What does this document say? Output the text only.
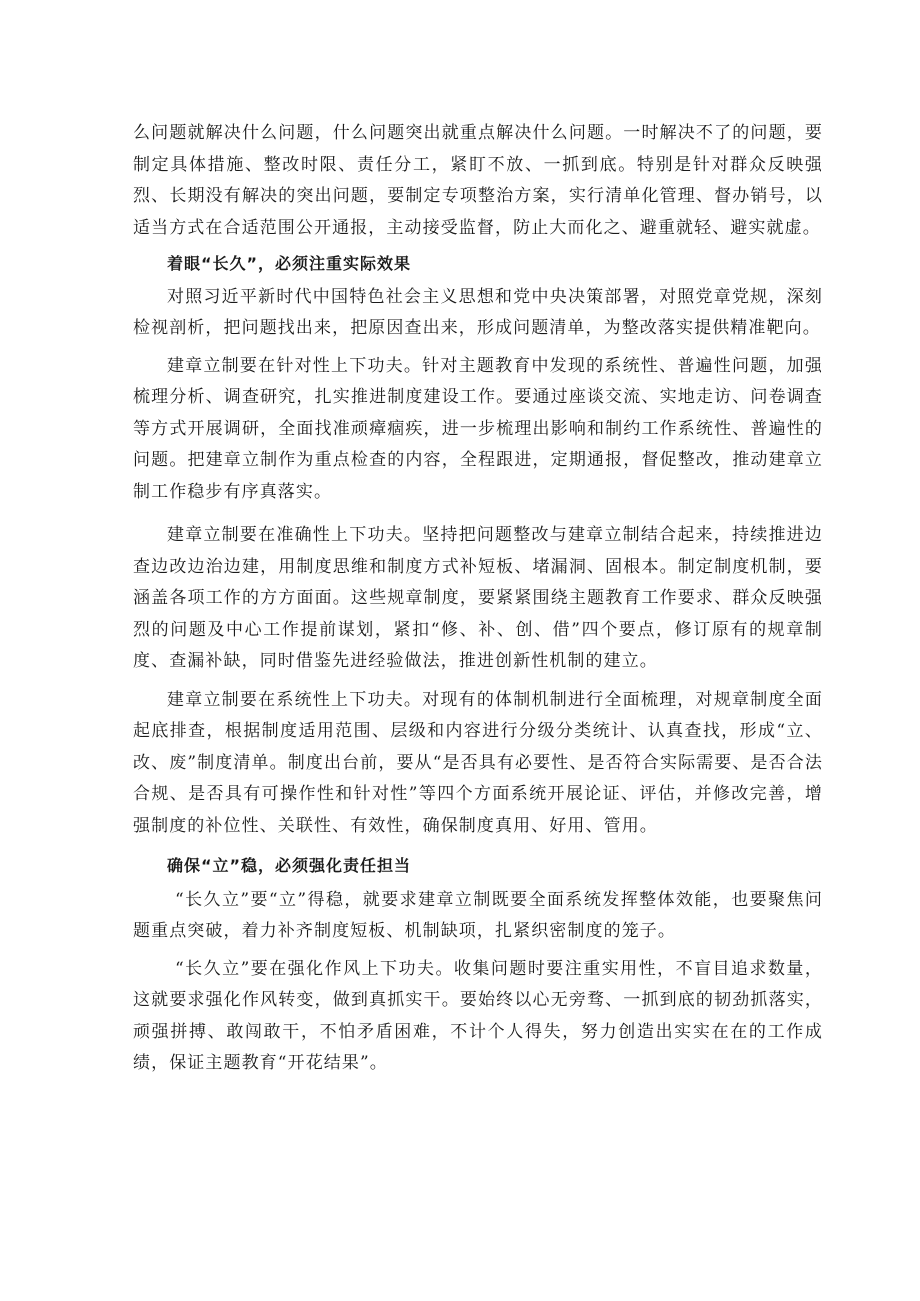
么问题就解决什么问题，什么问题突出就重点解决什么问题。一时解决不了的问题，要制定具体措施、整改时限、责任分工，紧盯不放、一抓到底。特别是针对群众反映强烈、长期没有解决的突出问题，要制定专项整治方案，实行清单化管理、督办销号，以适当方式在合适范围公开通报，主动接受监督，防止大而化之、避重就轻、避实就虚。

着眼“长久”，必须注重实际效果

对照习近平新时代中国特色社会主义思想和党中央决策部署，对照党章党规，深刻检视剖析，把问题找出来，把原因查出来，形成问题清单，为整改落实提供精准靶向。

建章立制要在针对性上下功夫。针对主题教育中发现的系统性、普遍性问题，加强梳理分析、调查研究，扎实推进制度建设工作。要通过座谈交流、实地走访、问卷调查等方式开展调研，全面找准顽瘴痼疾，进一步梳理出影响和制约工作系统性、普遍性的问题。把建章立制作为重点检查的内容，全程跟进，定期通报，督促整改，推动建章立制工作稳步有序真落实。

建章立制要在准确性上下功夫。坚持把问题整改与建章立制结合起来，持续推进边查边改边治边建，用制度思维和制度方式补短板、堵漏洞、固根本。制定制度机制，要涵盖各项工作的方方面面。这些规章制度，要紧紧围绕主题教育工作要求、群众反映强烈的问题及中心工作提前谋划，紧扣“修、补、创、借”四个要点，修订原有的规章制度、查漏补缺，同时借鉴先进经验做法，推进创新性机制的建立。

建章立制要在系统性上下功夫。对现有的体制机制进行全面梳理，对规章制度全面起底排查，根据制度适用范围、层级和内容进行分级分类统计、认真查找，形成“立、改、废”制度清单。制度出台前，要从“是否具有必要性、是否符合实际需要、是否合法合规、是否具有可操作性和针对性”等四个方面系统开展论证、评估，并修改完善，增强制度的补位性、关联性、有效性，确保制度真用、好用、管用。

确保“立”稳，必须强化责任担当

“长久立”要“立”得稳，就要求建章立制既要全面系统发挥整体效能，也要聚焦问题重点突破，着力补齐制度短板、机制缺项，扎紧织密制度的笼子。

“长久立”要在强化作风上下功夫。收集问题时要注重实用性，不盲目追求数量，这就要求强化作风转变，做到真抓实干。要始终以心无旁骛、一抓到底的韧劲抓落实，顽强拼搏、敢闯敢干，不怕矛盾困难，不计个人得失，努力创造出实实在在的工作成绩，保证主题教育“开花结果”。
